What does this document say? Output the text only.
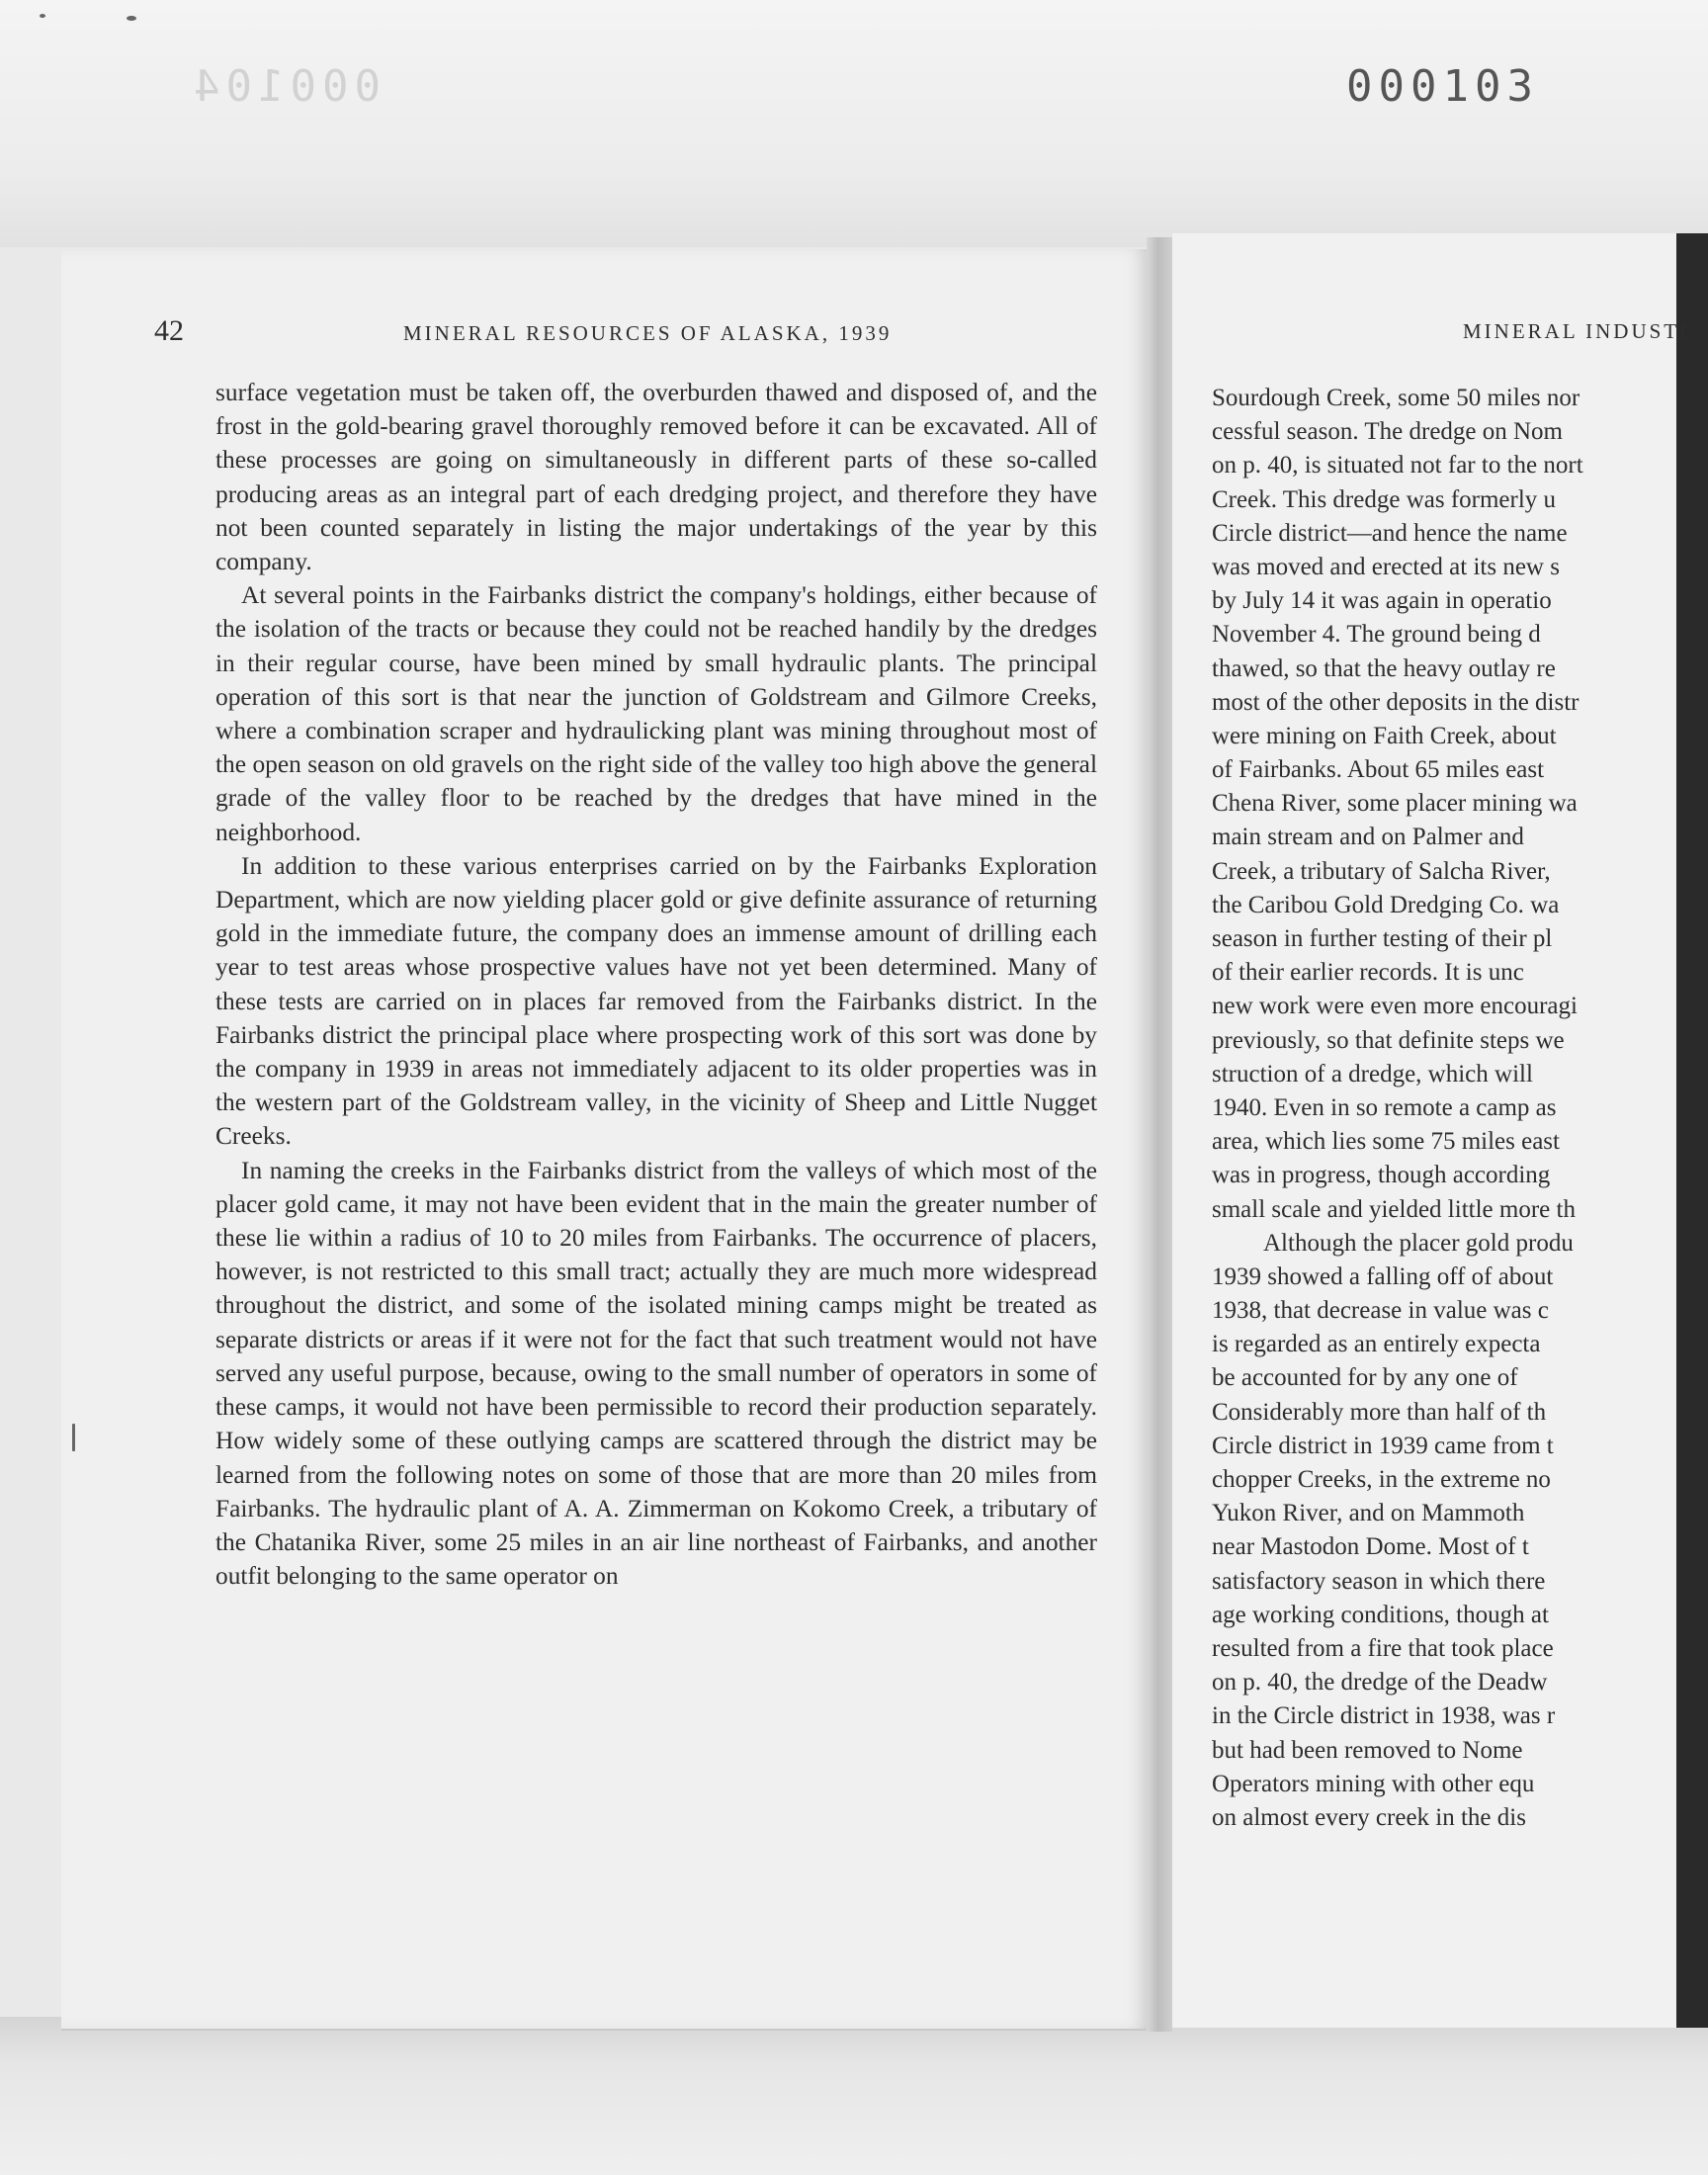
000104	000103
42	MINERAL RESOURCES OF ALASKA, 1939	MINERAL INDUSTI

surface vegetation must be taken off, the overburden thawed and disposed of, and the frost in the gold-bearing gravel thoroughly removed before it can be excavated. All of these processes are going on simultaneously in different parts of these so-called producing areas as an integral part of each dredging project, and therefore they have not been counted separately in listing the major undertakings of the year by this company.

At several points in the Fairbanks district the company's holdings, either because of the isolation of the tracts or because they could not be reached handily by the dredges in their regular course, have been mined by small hydraulic plants. The principal operation of this sort is that near the junction of Goldstream and Gilmore Creeks, where a combination scraper and hydraulicking plant was mining throughout most of the open season on old gravels on the right side of the valley too high above the general grade of the valley floor to be reached by the dredges that have mined in the neighborhood.

In addition to these various enterprises carried on by the Fairbanks Exploration Department, which are now yielding placer gold or give definite assurance of returning gold in the immediate future, the company does an immense amount of drilling each year to test areas whose prospective values have not yet been determined. Many of these tests are carried on in places far removed from the Fairbanks district. In the Fairbanks district the principal place where prospecting work of this sort was done by the company in 1939 in areas not immediately adjacent to its older properties was in the western part of the Goldstream valley, in the vicinity of Sheep and Little Nugget Creeks.

In naming the creeks in the Fairbanks district from the valleys of which most of the placer gold came, it may not have been evident that in the main the greater number of these lie within a radius of 10 to 20 miles from Fairbanks. The occurrence of placers, however, is not restricted to this small tract; actually they are much more widespread throughout the district, and some of the isolated mining camps might be treated as separate districts or areas if it were not for the fact that such treatment would not have served any useful purpose, because, owing to the small number of operators in some of these camps, it would not have been permissible to record their production separately. How widely some of these outlying camps are scattered through the district may be learned from the following notes on some of those that are more than 20 miles from Fairbanks. The hydraulic plant of A. A. Zimmerman on Kokomo Creek, a tributary of the Chatanika River, some 25 miles in an air line northeast of Fairbanks, and another outfit belonging to the same operator on

Sourdough Creek, some 50 miles nor
cessful season. The dredge on Nom
on p. 40, is situated not far to the nort
Creek. This dredge was formerly u
Circle district—and hence the name
was moved and erected at its new s
by July 14 it was again in operatio
November 4. The ground being d
thawed, so that the heavy outlay re
most of the other deposits in the distr
were mining on Faith Creek, about
of Fairbanks. About 65 miles east
Chena River, some placer mining wa
main stream and on Palmer and
Creek, a tributary of Salcha River,
the Caribou Gold Dredging Co. wa
season in further testing of their pl
of their earlier records. It is unc
new work were even more encouragi
previously, so that definite steps we
struction of a dredge, which will
1940. Even in so remote a camp as
area, which lies some 75 miles east
was in progress, though according
small scale and yielded little more th
Although the placer gold produ
1939 showed a falling off of about
1938, that decrease in value was c
is regarded as an entirely expecta
be accounted for by any one of
Considerably more than half of th
Circle district in 1939 came from t
chopper Creeks, in the extreme no
Yukon River, and on Mammoth
near Mastodon Dome. Most of t
satisfactory season in which there
age working conditions, though at
resulted from a fire that took place
on p. 40, the dredge of the Deadw
in the Circle district in 1938, was r
but had been removed to Nome
Operators mining with other equ
on almost every creek in the dis
